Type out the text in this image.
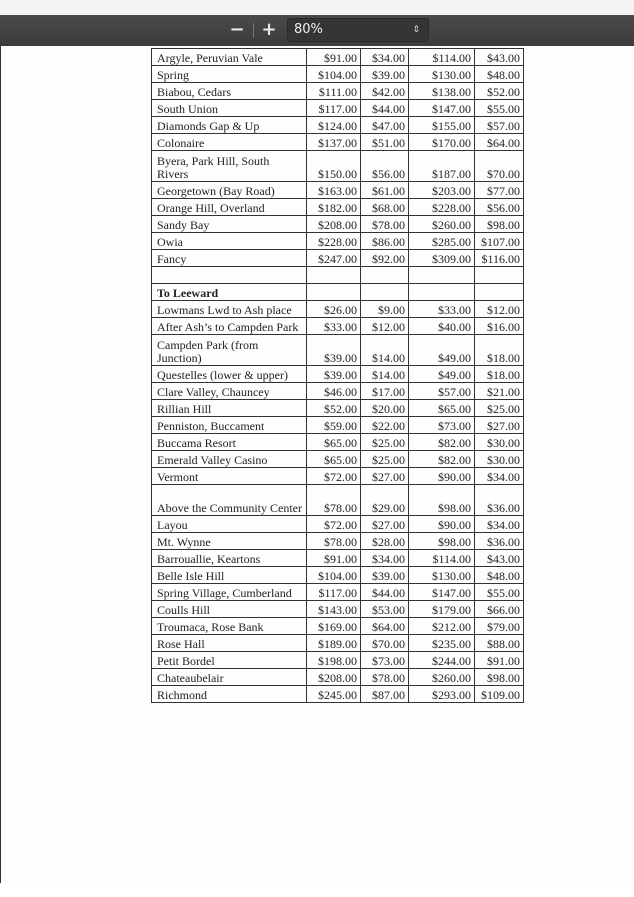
− +	80%	⇕
Argyle, Peruvian Vale	$91.00	$34.00	$114.00	$43.00
Spring	$104.00	$39.00	$130.00	$48.00
Biabou, Cedars	$111.00	$42.00	$138.00	$52.00
South Union	$117.00	$44.00	$147.00	$55.00
Diamonds Gap & Up	$124.00	$47.00	$155.00	$57.00
Colonaire	$137.00	$51.00	$170.00	$64.00
Byera, Park Hill, South Rivers	$150.00	$56.00	$187.00	$70.00
Georgetown (Bay Road)	$163.00	$61.00	$203.00	$77.00
Orange Hill, Overland	$182.00	$68.00	$228.00	$56.00
Sandy Bay	$208.00	$78.00	$260.00	$98.00
Owia	$228.00	$86.00	$285.00	$107.00
Fancy	$247.00	$92.00	$309.00	$116.00

To Leeward				
Lowmans Lwd to Ash place	$26.00	$9.00	$33.00	$12.00
After Ash’s to Campden Park	$33.00	$12.00	$40.00	$16.00
Campden Park (from Junction)	$39.00	$14.00	$49.00	$18.00
Questelles (lower & upper)	$39.00	$14.00	$49.00	$18.00
Clare Valley, Chauncey	$46.00	$17.00	$57.00	$21.00
Rillian Hill	$52.00	$20.00	$65.00	$25.00
Penniston, Buccament	$59.00	$22.00	$73.00	$27.00
Buccama Resort	$65.00	$25.00	$82.00	$30.00
Emerald Valley Casino	$65.00	$25.00	$82.00	$30.00
Vermont	$72.00	$27.00	$90.00	$34.00
Above the Community Center	$78.00	$29.00	$98.00	$36.00
Layou	$72.00	$27.00	$90.00	$34.00
Mt. Wynne	$78.00	$28.00	$98.00	$36.00
Barrouallie, Keartons	$91.00	$34.00	$114.00	$43.00
Belle Isle Hill	$104.00	$39.00	$130.00	$48.00
Spring Village, Cumberland	$117.00	$44.00	$147.00	$55.00
Coulls Hill	$143.00	$53.00	$179.00	$66.00
Troumaca, Rose Bank	$169.00	$64.00	$212.00	$79.00
Rose Hall	$189.00	$70.00	$235.00	$88.00
Petit Bordel	$198.00	$73.00	$244.00	$91.00
Chateaubelair	$208.00	$78.00	$260.00	$98.00
Richmond	$245.00	$87.00	$293.00	$109.00
